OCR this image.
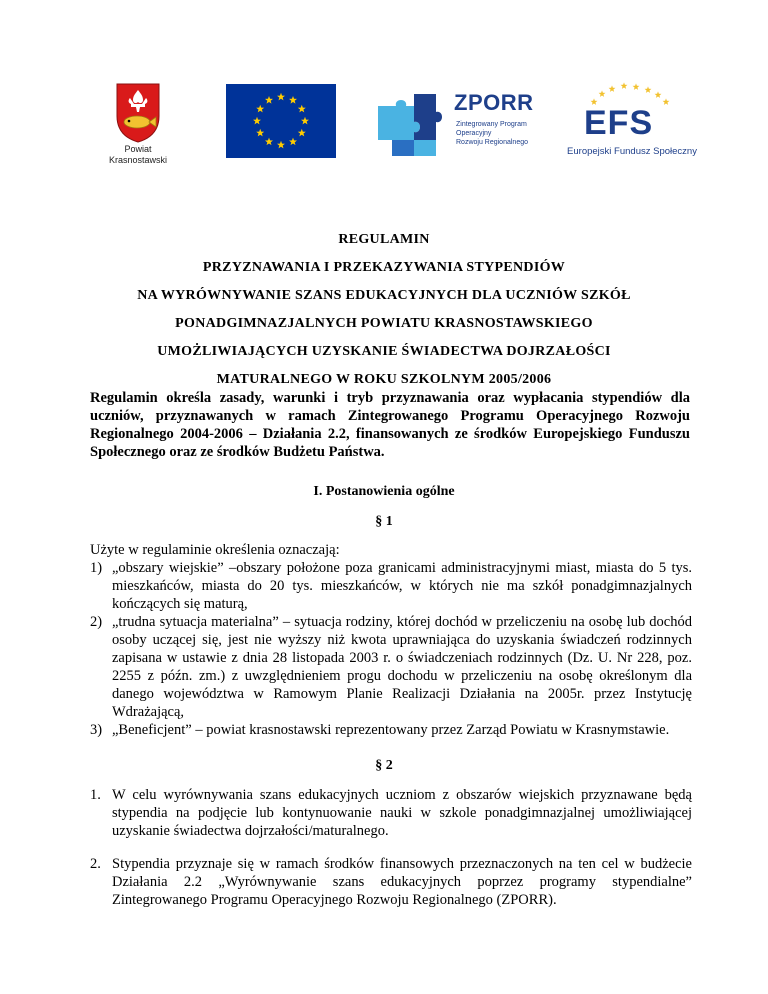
Powiat
Krasnostawski
ZPORR
Zintegrowany Program
Operacyjny
Rozwoju Regionalnego
EFS
Europejski Fundusz Społeczny
REGULAMIN
PRZYZNAWANIA I PRZEKAZYWANIA STYPENDIÓW
NA WYRÓWNYWANIE SZANS EDUKACYJNYCH DLA UCZNIÓW SZKÓŁ
PONADGIMNAZJALNYCH POWIATU KRASNOSTAWSKIEGO
UMOŻLIWIAJĄCYCH UZYSKANIE ŚWIADECTWA DOJRZAŁOŚCI
MATURALNEGO W ROKU SZKOLNYM 2005/2006
Regulamin określa zasady, warunki i tryb przyznawania oraz wypłacania stypendiów dla uczniów, przyznawanych w ramach Zintegrowanego Programu Operacyjnego Rozwoju Regionalnego 2004-2006 – Działania 2.2, finansowanych ze środków Europejskiego Funduszu Społecznego oraz ze środków Budżetu Państwa.
I. Postanowienia ogólne
§ 1
Użyte w regulaminie określenia oznaczają:
1) „obszary wiejskie” –obszary położone poza granicami administracyjnymi miast, miasta do 5 tys. mieszkańców, miasta do 20 tys. mieszkańców, w których nie ma szkół ponadgimnazjalnych kończących się maturą,
2) „trudna sytuacja materialna” – sytuacja rodziny, której dochód w przeliczeniu na osobę lub dochód osoby uczącej się, jest nie wyższy niż kwota uprawniająca do uzyskania świadczeń rodzinnych zapisana w ustawie z dnia 28 listopada 2003 r. o świadczeniach rodzinnych (Dz. U. Nr 228, poz. 2255 z późn. zm.) z uwzględnieniem progu dochodu w przeliczeniu na osobę określonym dla danego województwa w Ramowym Planie Realizacji Działania na 2005r. przez Instytucję Wdrażającą,
3) „Beneficjent” – powiat krasnostawski reprezentowany przez Zarząd Powiatu w Krasnymstawie.
§ 2
1. W celu wyrównywania szans edukacyjnych uczniom z obszarów wiejskich przyznawane będą stypendia na podjęcie lub kontynuowanie nauki w szkole ponadgimnazjalnej umożliwiającej uzyskanie świadectwa dojrzałości/maturalnego.
2. Stypendia przyznaje się w ramach środków finansowych przeznaczonych na ten cel w budżecie Działania 2.2 „Wyrównywanie szans edukacyjnych poprzez programy stypendialne” Zintegrowanego Programu Operacyjnego Rozwoju Regionalnego (ZPORR).
